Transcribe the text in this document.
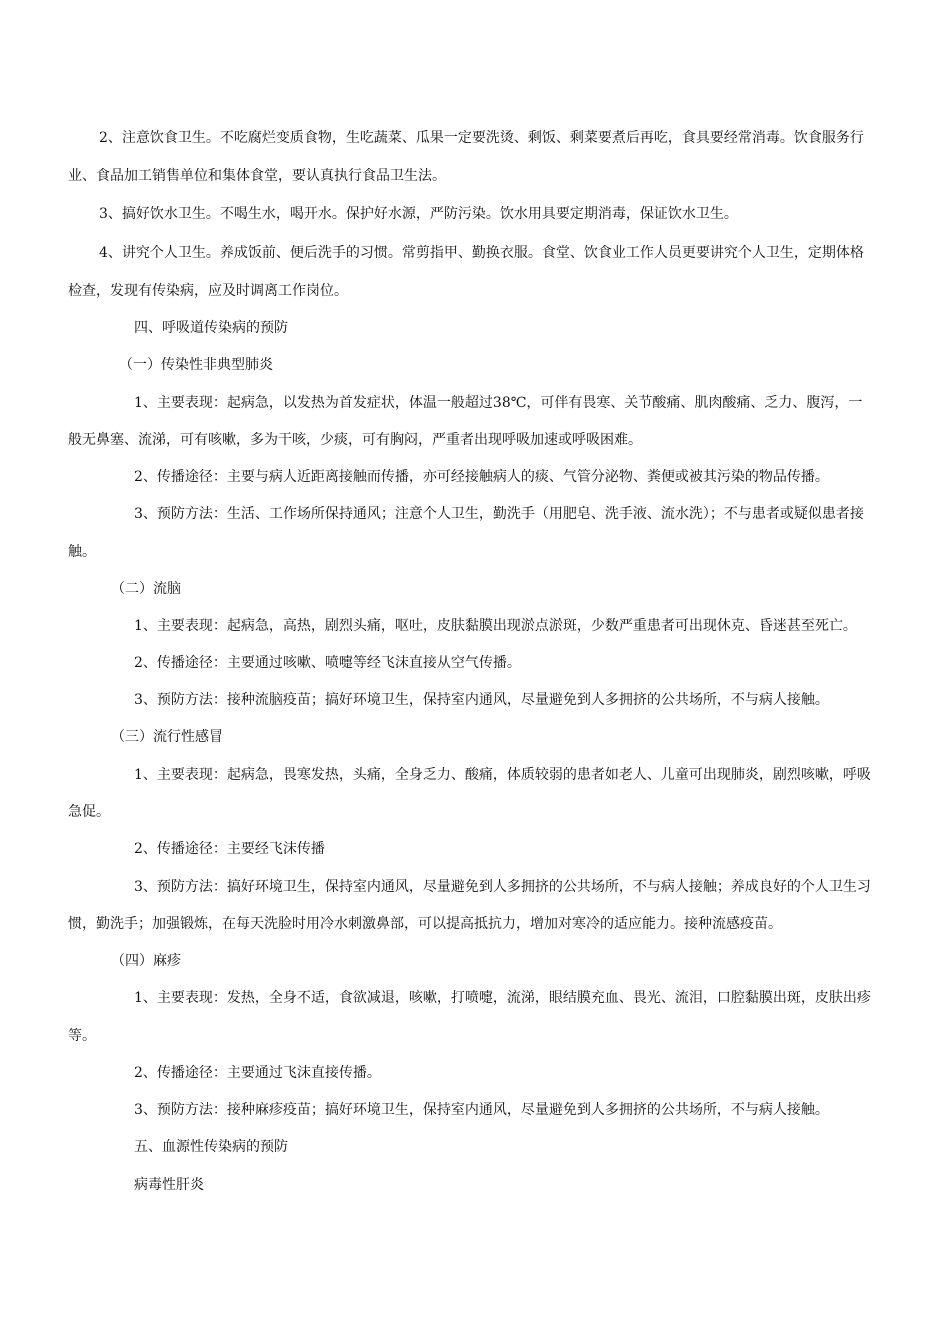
2、注意饮食卫生。不吃腐烂变质食物，生吃蔬菜、瓜果一定要洗烫、剩饭、剩菜要煮后再吃，食具要经常消毒。饮食服务行
业、食品加工销售单位和集体食堂，要认真执行食品卫生法。
3、搞好饮水卫生。不喝生水，喝开水。保护好水源，严防污染。饮水用具要定期消毒，保证饮水卫生。
4、讲究个人卫生。养成饭前、便后洗手的习惯。常剪指甲、勤换衣服。食堂、饮食业工作人员更要讲究个人卫生，定期体格
检查，发现有传染病，应及时调离工作岗位。
四、呼吸道传染病的预防
（一）传染性非典型肺炎
1、主要表现：起病急，以发热为首发症状，体温一般超过38℃，可伴有畏寒、关节酸痛、肌肉酸痛、乏力、腹泻，一
般无鼻塞、流涕，可有咳嗽，多为干咳，少痰，可有胸闷，严重者出现呼吸加速或呼吸困难。
2、传播途径：主要与病人近距离接触而传播，亦可经接触病人的痰、气管分泌物、粪便或被其污染的物品传播。
3、预防方法：生活、工作场所保持通风；注意个人卫生，勤洗手（用肥皂、洗手液、流水洗）；不与患者或疑似患者接
触。
（二）流脑
1、主要表现：起病急，高热，剧烈头痛，呕吐，皮肤黏膜出现淤点淤斑，少数严重患者可出现休克、昏迷甚至死亡。
2、传播途径：主要通过咳嗽、喷嚏等经飞沫直接从空气传播。
3、预防方法：接种流脑疫苗；搞好环境卫生，保持室内通风，尽量避免到人多拥挤的公共场所，不与病人接触。
（三）流行性感冒
1、主要表现：起病急，畏寒发热，头痛，全身乏力、酸痛，体质较弱的患者如老人、儿童可出现肺炎，剧烈咳嗽，呼吸
急促。
2、传播途径：主要经飞沫传播
3、预防方法：搞好环境卫生，保持室内通风，尽量避免到人多拥挤的公共场所，不与病人接触；养成良好的个人卫生习
惯，勤洗手；加强锻炼，在每天洗脸时用冷水刺激鼻部，可以提高抵抗力，增加对寒冷的适应能力。接种流感疫苗。
（四）麻疹
1、主要表现：发热，全身不适，食欲减退，咳嗽，打喷嚏，流涕，眼结膜充血、畏光、流泪，口腔黏膜出斑，皮肤出疹
等。
2、传播途径：主要通过飞沫直接传播。
3、预防方法：接种麻疹疫苗；搞好环境卫生，保持室内通风，尽量避免到人多拥挤的公共场所，不与病人接触。
五、血源性传染病的预防
病毒性肝炎
